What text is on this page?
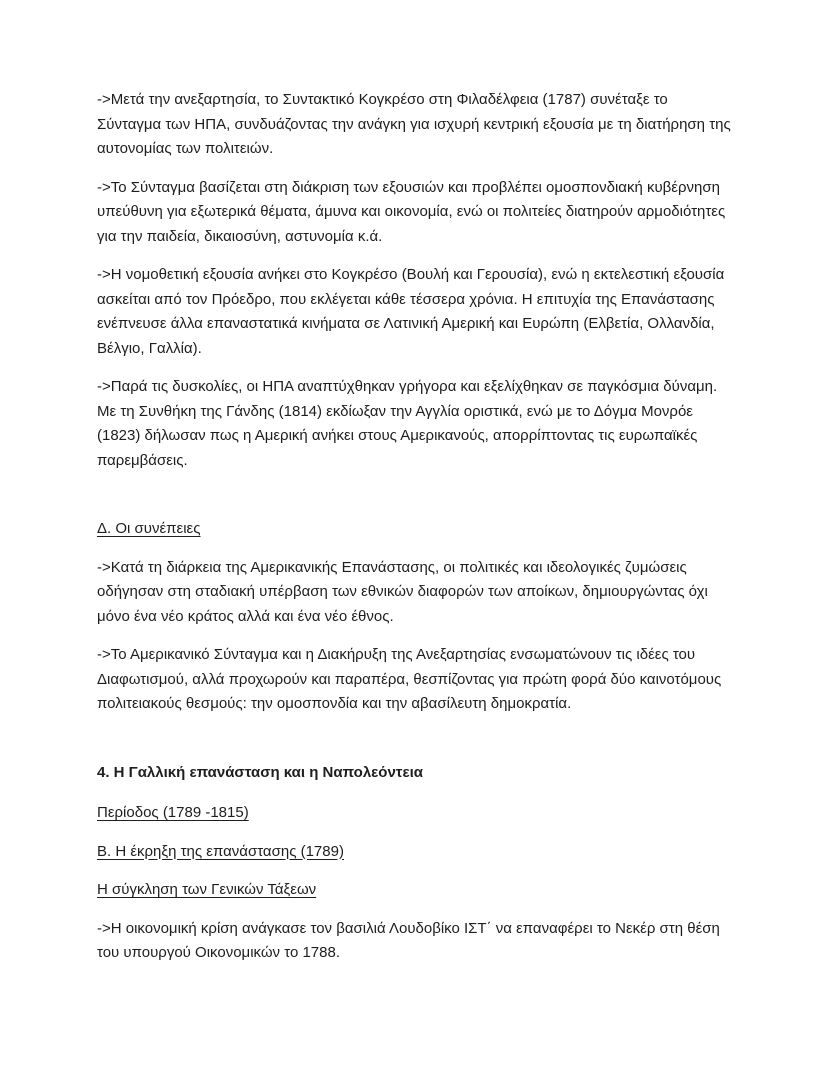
->Μετά την ανεξαρτησία, το Συντακτικό Κογκρέσο στη Φιλαδέλφεια (1787) συνέταξε το Σύνταγμα των ΗΠΑ, συνδυάζοντας την ανάγκη για ισχυρή κεντρική εξουσία με τη διατήρηση της αυτονομίας των πολιτειών.

->Το Σύνταγμα βασίζεται στη διάκριση των εξουσιών και προβλέπει ομοσπονδιακή κυβέρνηση υπεύθυνη για εξωτερικά θέματα, άμυνα και οικονομία, ενώ οι πολιτείες διατηρούν αρμοδιότητες για την παιδεία, δικαιοσύνη, αστυνομία κ.ά.

->Η νομοθετική εξουσία ανήκει στο Κογκρέσο (Βουλή και Γερουσία), ενώ η εκτελεστική εξουσία ασκείται από τον Πρόεδρο, που εκλέγεται κάθε τέσσερα χρόνια. Η επιτυχία της Επανάστασης ενέπνευσε άλλα επαναστατικά κινήματα σε Λατινική Αμερική και Ευρώπη (Ελβετία, Ολλανδία, Βέλγιο, Γαλλία).

->Παρά τις δυσκολίες, οι ΗΠΑ αναπτύχθηκαν γρήγορα και εξελίχθηκαν σε παγκόσμια δύναμη. Με τη Συνθήκη της Γάνδης (1814) εκδίωξαν την Αγγλία οριστικά, ενώ με το Δόγμα Μονρόε (1823) δήλωσαν πως η Αμερική ανήκει στους Αμερικανούς, απορρίπτοντας τις ευρωπαϊκές παρεμβάσεις.

Δ. Οι συνέπειες

->Κατά τη διάρκεια της Αμερικανικής Επανάστασης, οι πολιτικές και ιδεολογικές ζυμώσεις οδήγησαν στη σταδιακή υπέρβαση των εθνικών διαφορών των αποίκων, δημιουργώντας όχι μόνο ένα νέο κράτος αλλά και ένα νέο έθνος.

->Το Αμερικανικό Σύνταγμα και η Διακήρυξη της Ανεξαρτησίας ενσωματώνουν τις ιδέες του Διαφωτισμού, αλλά προχωρούν και παραπέρα, θεσπίζοντας για πρώτη φορά δύο καινοτόμους πολιτειακούς θεσμούς: την ομοσπονδία και την αβασίλευτη δημοκρατία.

4. Η Γαλλική επανάσταση και η Ναπολεόντεια

Περίοδος (1789 -1815)

Β. Η έκρηξη της επανάστασης (1789)

Η σύγκληση των Γενικών Τάξεων

->Η οικονομική κρίση ανάγκασε τον βασιλιά Λουδοβίκο ΙΣΤ΄ να επαναφέρει το Νεκέρ στη θέση του υπουργού Οικονομικών το 1788.
